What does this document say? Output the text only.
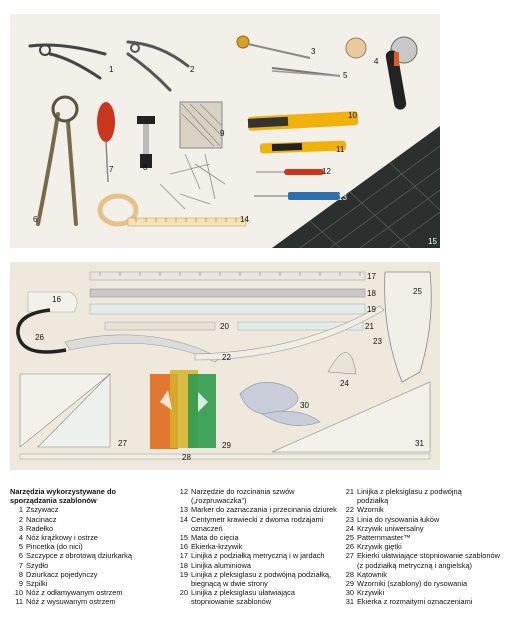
1	2
3
4
5
6
7	8
9
10
11
12
13
14
15
16
17
18
19
20	21
22
23
24
25
26
27
28
29
30
31
Narzędzia wykorzystywane do sporządzania szablonów
1 Zszywacz
2 Nacinacz
3 Radełko
4 Nóż krążkowy i ostrze
5 Pincetka (do nici)
6 Szczypce z obrotową dziurkarką
7 Szydło
8 Dziurkacz pojedynczy
9 Szpilki
10 Nóż z odłamywanym ostrzem
11 Nóż z wysuwanym ostrzem
12 Narzędzie do rozcinania szwów
(„rozpruwaczka”)
13 Marker do zaznaczania i przecinania dziurek
14 Centymetr krawiecki z dwoma rodzajami
oznaczeń
15 Mata do cięcia
16 Ekierka-krzywik
17 Linijka z podziałką metryczną i w jardach
18 Linijka aluminiowa
19 Linijka z pleksiglasu z podwójną podziałką,
biegnącą w dwie strony
20 Linijka z pleksiglasu ułatwiająca
stopniowanie szablonów
21 Linijka z pleksiglasu z podwójną
podziałką
22 Wzornik
23 Linia do rysowania łuków
24 Krzywik uniwersalny
25 Patternmaster™
26 Krzywik giętki
27 Ekierki ułatwiające stopniowanie szablonów
(z podziałką metryczną i angielską)
28 Kątownik
29 Wzorniki (szablony) do rysowania
30 Krzywiki
31 Ekierka z rozmaitymi oznaczeniami
